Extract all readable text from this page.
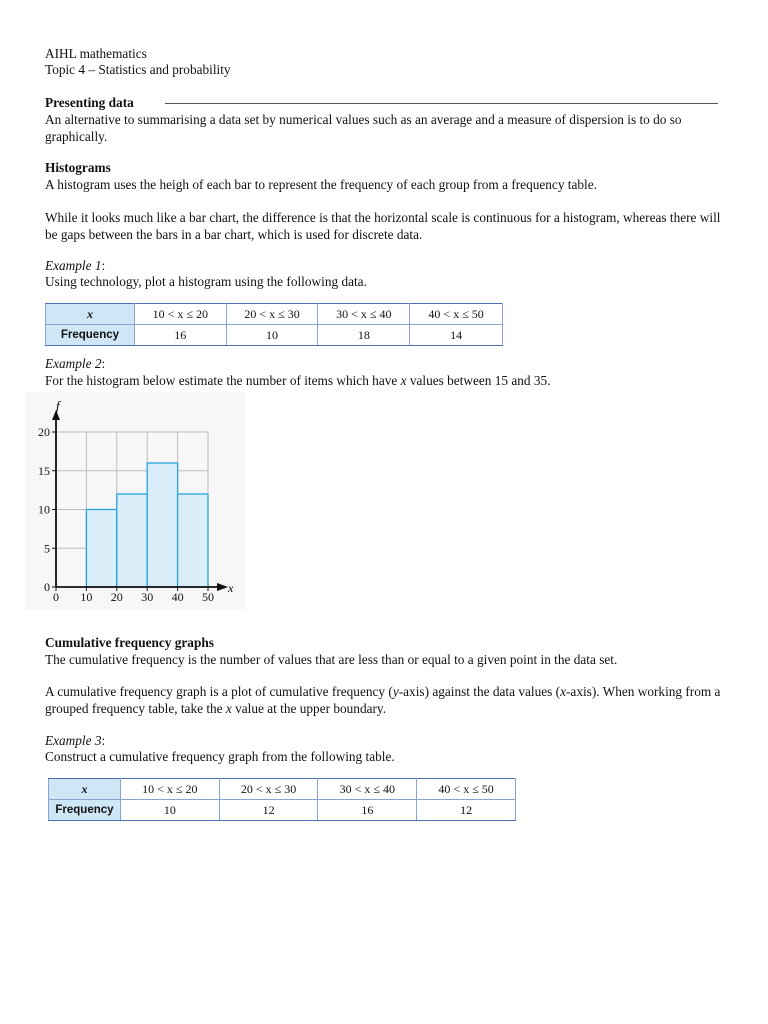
AIHL mathematics
Topic 4 – Statistics and probability
Presenting data
An alternative to summarising a data set by numerical values such as an average and a measure of dispersion is to do so graphically.
Histograms
A histogram uses the heigh of each bar to represent the frequency of each group from a frequency table.
While it looks much like a bar chart, the difference is that the horizontal scale is continuous for a histogram, whereas there will be gaps between the bars in a bar chart, which is used for discrete data.
Example 1:
Using technology, plot a histogram using the following data.
x	10 < x ≤ 20	20 < x ≤ 30	30 < x ≤ 40	40 < x ≤ 50
Frequency	16	10	18	14
Example 2:
For the histogram below estimate the number of items which have x values between 15 and 35.
0
5
10
15
20
0 10 20 30 40 50
f
x
Cumulative frequency graphs
The cumulative frequency is the number of values that are less than or equal to a given point in the data set.
A cumulative frequency graph is a plot of cumulative frequency (y-axis) against the data values (x-axis). When working from a grouped frequency table, take the x value at the upper boundary.
Example 3:
Construct a cumulative frequency graph from the following table.
x	10 < x ≤ 20	20 < x ≤ 30	30 < x ≤ 40	40 < x ≤ 50
Frequency	10	12	16	12
